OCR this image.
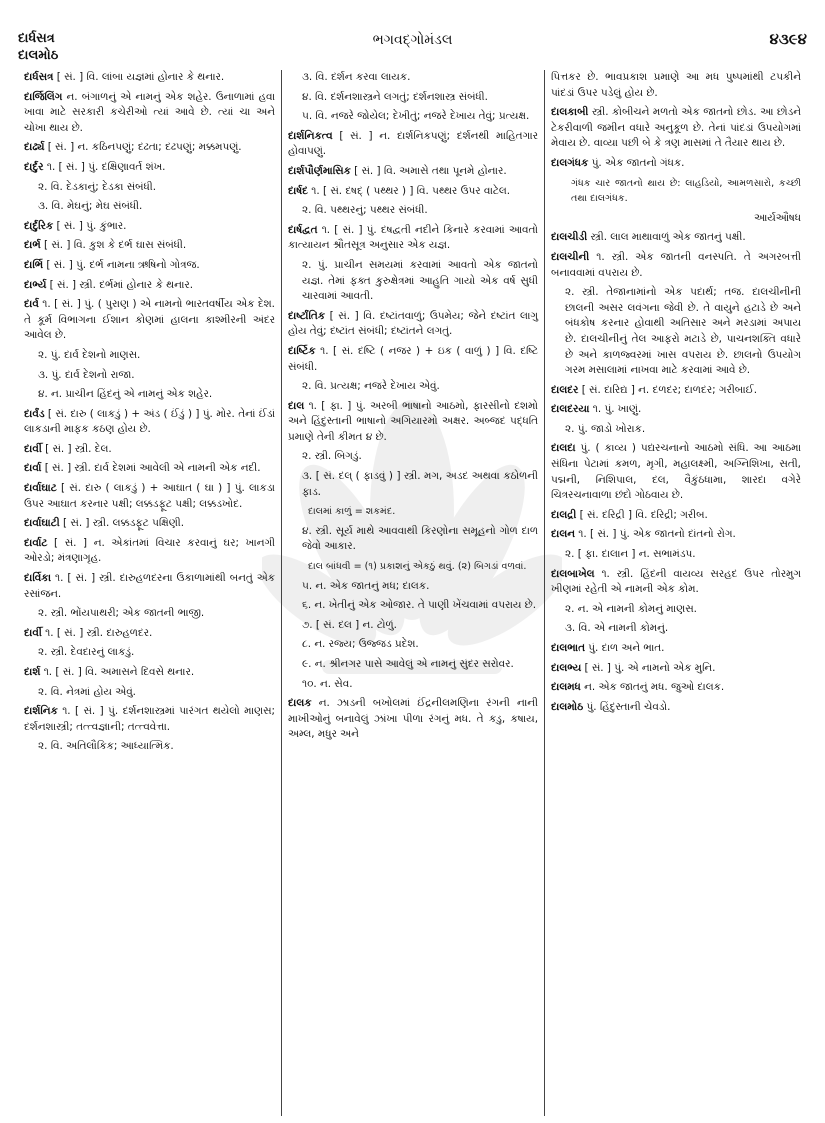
દાર્ધસત્ર
દાલમોઠ
ભગવદ્ગોમંડલ	૪૩૯૪

દાર્ધસત્ર [ સં. ] વિ. લાંબા યજ્ઞમાં હોનાર કે થનાર.

દાર્જિલિંગ ન. બંગાળનું એ નામનું એક શહેર. ઉનાળામાં હવા ખાવા માટે સરકારી કચેરીઓ ત્યાં આવે છે. ત્યાં ચા અને ચોખા થાય છે.

દાર્ઢ્ય [ સં. ] ન. કઠિનપણું; દઢતા; દઢપણું; મક્કમપણું.

દાર્દુર ૧. [ સં. ] પું. દક્ષિણાવર્ત શંખ.

૨. વિ. દેડકાનું; દેડકા સંબંધી.

૩. વિ. મેઘનું; મેઘ સંબંધી.

દાર્દુરિક [ સં. ] પું. કુંભાર.

દાર્ભ [ સં. ] વિ. કુશ કે દર્ભ ઘાસ સંબંધી.

દાર્ભિ [ સં. ] પું. દર્ભ નામના ઋષિનો ગોત્રજ.

દાર્ભ્ય [ સં. ] સ્ત્રી. દર્ભમાં હોનાર કે થનાર.

દાર્વ ૧. [ સં. ] પું. ( પુરાણ ) એ નામનો ભારતવર્ષીય એક દેશ. તે કૂર્મ વિભાગના ઈશાન કોણમાં હાલના કાશ્મીરની અંદર આવેલ છે.

૨. પું. દાર્વ દેશનો માણસ.

૩. પું. દાર્વ દેશનો રાજા.

૪. ન. પ્રાચીન હિંદનું એ નામનું એક શહેર.

દાર્વંડ [ સં. દારુ ( લાકડું ) + અંડ ( ઈંડું ) ] પું. મોર. તેનાં ઈંડાં લાકડાની માફક કઠણ હોય છે.

દાર્વી [ સં. ] સ્ત્રી. દેલ.

દાર્વા [ સં. ] સ્ત્રી. દાર્વ દેશમાં આવેલી એ નામની એક નદી.

દાર્વાઘાટ [ સં. દારુ ( લાકડું ) + આઘાત ( ઘા ) ] પું. લાકડા ઉપર આઘાત કરનાર પક્ષી; લક્કડફૂટ પક્ષી; લક્કડખોદ.

દાર્વાઘાટી [ સં. ] સ્ત્રી. લક્કડફૂટ પક્ષિણી.

દાર્વાટ [ સં. ] ન. એકાંતમાં વિચાર કરવાનું ઘર; ખાનગી ઓરડો; મંત્રણાગૃહ.

દાર્વિકા ૧. [ સં. ] સ્ત્રી. દારુહળદરના ઉકાળામાંથી બનતું એક રસાંજન.

૨. સ્ત્રી. ભોંયપાથરી; એક જાતની ભાજી.

દાર્વી ૧. [ સં. ] સ્ત્રી. દારુહળદર.

૨. સ્ત્રી. દેવદારનું લાકડું.

દાર્શ ૧. [ સં. ] વિ. અમાસને દિવસે થનાર.

૨. વિ. નેત્રમાં હોય એવું.

દાર્શનિક ૧. [ સં. ] પું. દર્શનશાસ્ત્રમાં પારંગત થયેલો માણસ; દર્શનશાસ્ત્રી; તત્ત્વજ્ઞાની; તત્ત્વવેત્તા.

૨. વિ. અતિલૌકિક; આધ્યાત્મિક.

૩. વિ. દર્શન કરવા લાયક.

૪. વિ. દર્શનશાસ્ત્રને લગતું; દર્શનશાસ્ત્ર સંબંધી.

૫. વિ. નજરે જોયેલ; દેખીતું; નજરે દેખાય તેવું; પ્રત્યક્ષ.

દાર્શનિકત્વ [ સં. ] ન. દાર્શનિકપણું; દર્શનથી માહિતગાર હોવાપણું.

દાર્શપૌર્ણમાસિક [ સં. ] વિ. અમાસે તથા પૂનમે હોનાર.

દાર્ષદ ૧. [ સં. દષદ્ ( પથ્થર ) ] વિ. પથ્થર ઉપર વાટેલ.

૨. વિ. પથ્થરનું; પથ્થર સંબંધી.

દાર્ષદ્વત ૧. [ સં. ] પું. દષદ્વતી નદીને કિનારે કરવામાં આવતો કાત્યાયન શ્રૌતસૂત્ર અનુસાર એક યજ્ઞ.

૨. પું. પ્રાચીન સમયમાં કરવામાં આવતો એક જાતનો યજ્ઞ. તેમાં ફક્ત કુરુક્ષેત્રમાં આહુતિ ગાયો એક વર્ષ સુધી ચારવામાં આવતી.

દાર્ષ્ટાંતિક [ સં. ] વિ. દષ્ટાંતવાળું; ઉપમેય; જેને દષ્ટાંત લાગુ હોય તેવું; દષ્ટાંત સંબંધી; દષ્ટાંતને લગતું.

દાર્ષ્ટિક ૧. [ સં. દષ્ટિ ( નજર ) + ઇક ( વાળું ) ] વિ. દષ્ટિ સંબંધી.

૨. વિ. પ્રત્યક્ષ; નજરે દેખાય એવું.

દાલ ૧. [ ફા. ] પું. અરબી ભાષાનો આઠમો, ફારસીનો દશમો અને હિંદુસ્તાની ભાષાનો અગિયારમો અક્ષર. અબ્જદ પદ્ધતિ પ્રમાણે તેની કીમત ૪ છે.

૨. સ્ત્રી. બિગડું.

૩. [ સં. દલ્ ( ફાડવું ) ] સ્ત્રી. મગ, અડદ અથવા કઠોળની ફાડ.

દાલમાં કાળું = શકમંદ.

૪. સ્ત્રી. સૂર્ય માથે આવવાથી કિરણોના સમૂહનો ગોળ દાળ જેવો આકાર.

દાલ બાંધવી = (૧) પ્રકાશનું એકઠું થવું. (૨) બિગડાં વળવાં.

૫. ન. એક જાતનું મધ; દાલક.

૬. ન. ખેતીનું એક ઓજાર. તે પાણી ખેંચવામાં વપરાય છે.

૭. [ સં. દલ ] ન. ટોળું.

૮. ન. રજ્ય; ઉજ્જડ પ્રદેશ.

૯. ન. શ્રીનગર પાસે આવેલું એ નામનું સુંદર સરોવર.

૧૦. ન. સેવ.

દાલક ન. ઝાડની બખોલમાં ઈંદ્રનીલમણિના રંગની નાની માખીઓનું બનાવેલું ઝાંખા પીળા રંગનું મધ. તે કડુ, કષાય, અમ્લ, મધુર અને

પિત્તકર છે. ભાવપ્રકાશ પ્રમાણે આ મધ પુષ્પમાંથી ટપકીને પાંદડાં ઉપર પડેલું હોય છે.

દાલકાબી સ્ત્રી. કોબીચને મળતો એક જાતનો છોડ. આ છોડને ટેકરીવાળી જમીન વધારે અનુકૂળ છે. તેનાં પાંદડાં ઉપયોગમાં મેવાય છે. વાવ્યા પછી બે કે ત્રણ માસમાં તે તૈયાર થાય છે.

દાલગંધક પું. એક જાતનો ગંધક.

ગંધક ચાર જાતનો થાય છે: લાહડિયો, આમળસારો, કચ્છી તથા દાલગંધક.

આર્યઔષધ

દાલચીડી સ્ત્રી. લાલ માથાવાળું એક જાતનું પક્ષી.

દાલચીની ૧. સ્ત્રી. એક જાતની વનસ્પતિ. તે અગરબત્તી બનાવવામાં વપરાય છે.

૨. સ્ત્રી. તેજાનામાંનો એક પદાર્થ; તજ. દાલચીનીની છાલની અસર લવંગના જેવી છે. તે વાયુને હટાડે છે અને બંધકોષ કરનાર હોવાથી અતિસાર અને મરડામાં અપાય છે. દાલચીનીનું તેલ આફરો મટાડે છે, પાચનશક્તિ વધારે છે અને કાળજ્વરમાં ખાસ વપરાય છે. છાલનો ઉપયોગ ગરમ મસાલામાં નાખવા માટે કરવામાં આવે છે.

દાલદર [ સં. દારિદ્ય ] ન. દળદર; દાળદર; ગરીબાઈ.

દાલદરયા ૧. પું. ખાણું.

૨. પું. જાડો ખોરાક.

દાલદા પું. ( કાવ્ય ) પદ્યરચનાનો આઠમો સંધિ. આ આઠમા સંધિના પેટામાં કમળ, મૃગી, મહાલક્ષ્મી, અગ્નિશિખા, સતી, પદ્મની, નિશિપાલ, દલ, વૈકુંઠધામા, શારદા વગેરે ચિત્રરચનાવાળા છંદો ગોઠવાય છે.

દાલદ્રી [ સં. દરિદ્રી ] વિ. દરિદ્રી; ગરીબ.

દાલન ૧. [ સં. ] પું. એક જાતનો દાંતનો રોગ.

૨. [ ફા. દાલાન ] ન. સભામંડપ.

દાલબાખેલ ૧. સ્ત્રી. હિંદની વાયવ્ય સરહદ ઉપર તોરમુગ ખીણમાં રહેતી એ નામની એક કોમ.

૨. ન. એ નામની કોમનું માણસ.

૩. વિ. એ નામની કોમનું.

દાલભાત પું. દાળ અને ભાત.

દાલભ્ય [ સં. ] પું. એ નામનો એક મુનિ.

દાલમધ ન. એક જાતનું મધ. જુઓ દાલક.

દાલમોઠ પું. હિંદુસ્તાની ચેવડો.
